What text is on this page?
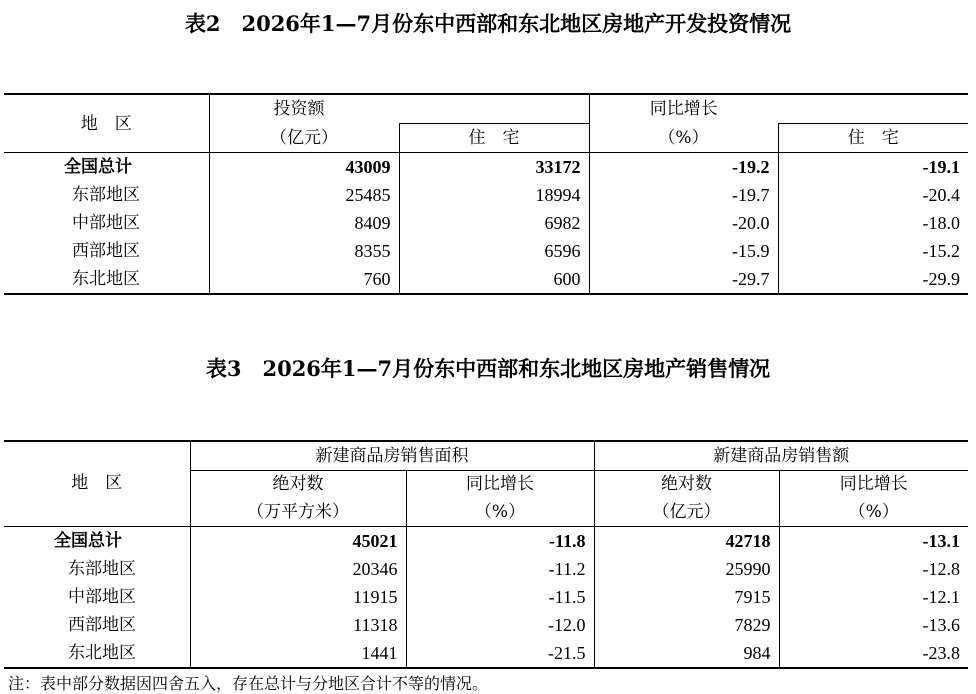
表2　2026年1—7月份东中西部和东北地区房地产开发投资情况
地　区	投资额		同比增长	
	（亿元）	住　宅	（%）	住　宅
全国总计	43009	33172	-19.2	-19.1
东部地区	25485	18994	-19.7	-20.4
中部地区	8409	6982	-20.0	-18.0
西部地区	8355	6596	-15.9	-15.2
东北地区	760	600	-29.7	-29.9
表3　2026年1—7月份东中西部和东北地区房地产销售情况
地　区	新建商品房销售面积		新建商品房销售额	
	绝对数	同比增长	绝对数	同比增长
	（万平方米）	（%）	（亿元）	（%）
全国总计	45021	-11.8	42718	-13.1
东部地区	20346	-11.2	25990	-12.8
中部地区	11915	-11.5	7915	-12.1
西部地区	11318	-12.0	7829	-13.6
东北地区	1441	-21.5	984	-23.8
注：表中部分数据因四舍五入，存在总计与分地区合计不等的情况。
